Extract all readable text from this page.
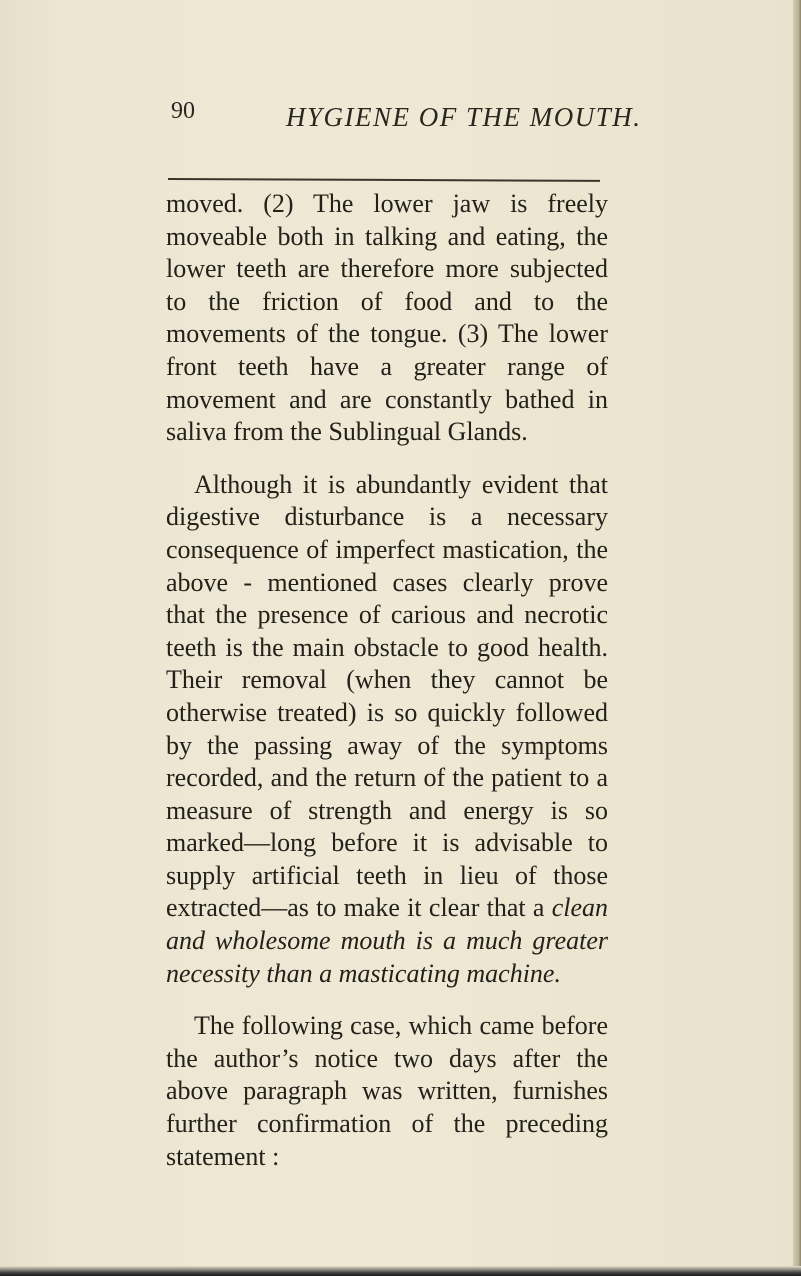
90	HYGIENE OF THE MOUTH.

moved. (2) The lower jaw is freely moveable both in talking and eating, the lower teeth are therefore more subjected to the friction of food and to the movements of the tongue. (3) The lower front teeth have a greater range of movement and are constantly bathed in saliva from the Sublingual Glands.

Although it is abundantly evident that digestive disturbance is a necessary consequence of imperfect mastication, the above - mentioned cases clearly prove that the presence of carious and necrotic teeth is the main obstacle to good health. Their removal (when they cannot be otherwise treated) is so quickly followed by the passing away of the symptoms recorded, and the return of the patient to a measure of strength and energy is so marked—long before it is advisable to supply artificial teeth in lieu of those extracted—as to make it clear that a clean and wholesome mouth is a much greater necessity than a masticating machine.

The following case, which came before the author’s notice two days after the above paragraph was written, furnishes further confirmation of the preceding statement :
